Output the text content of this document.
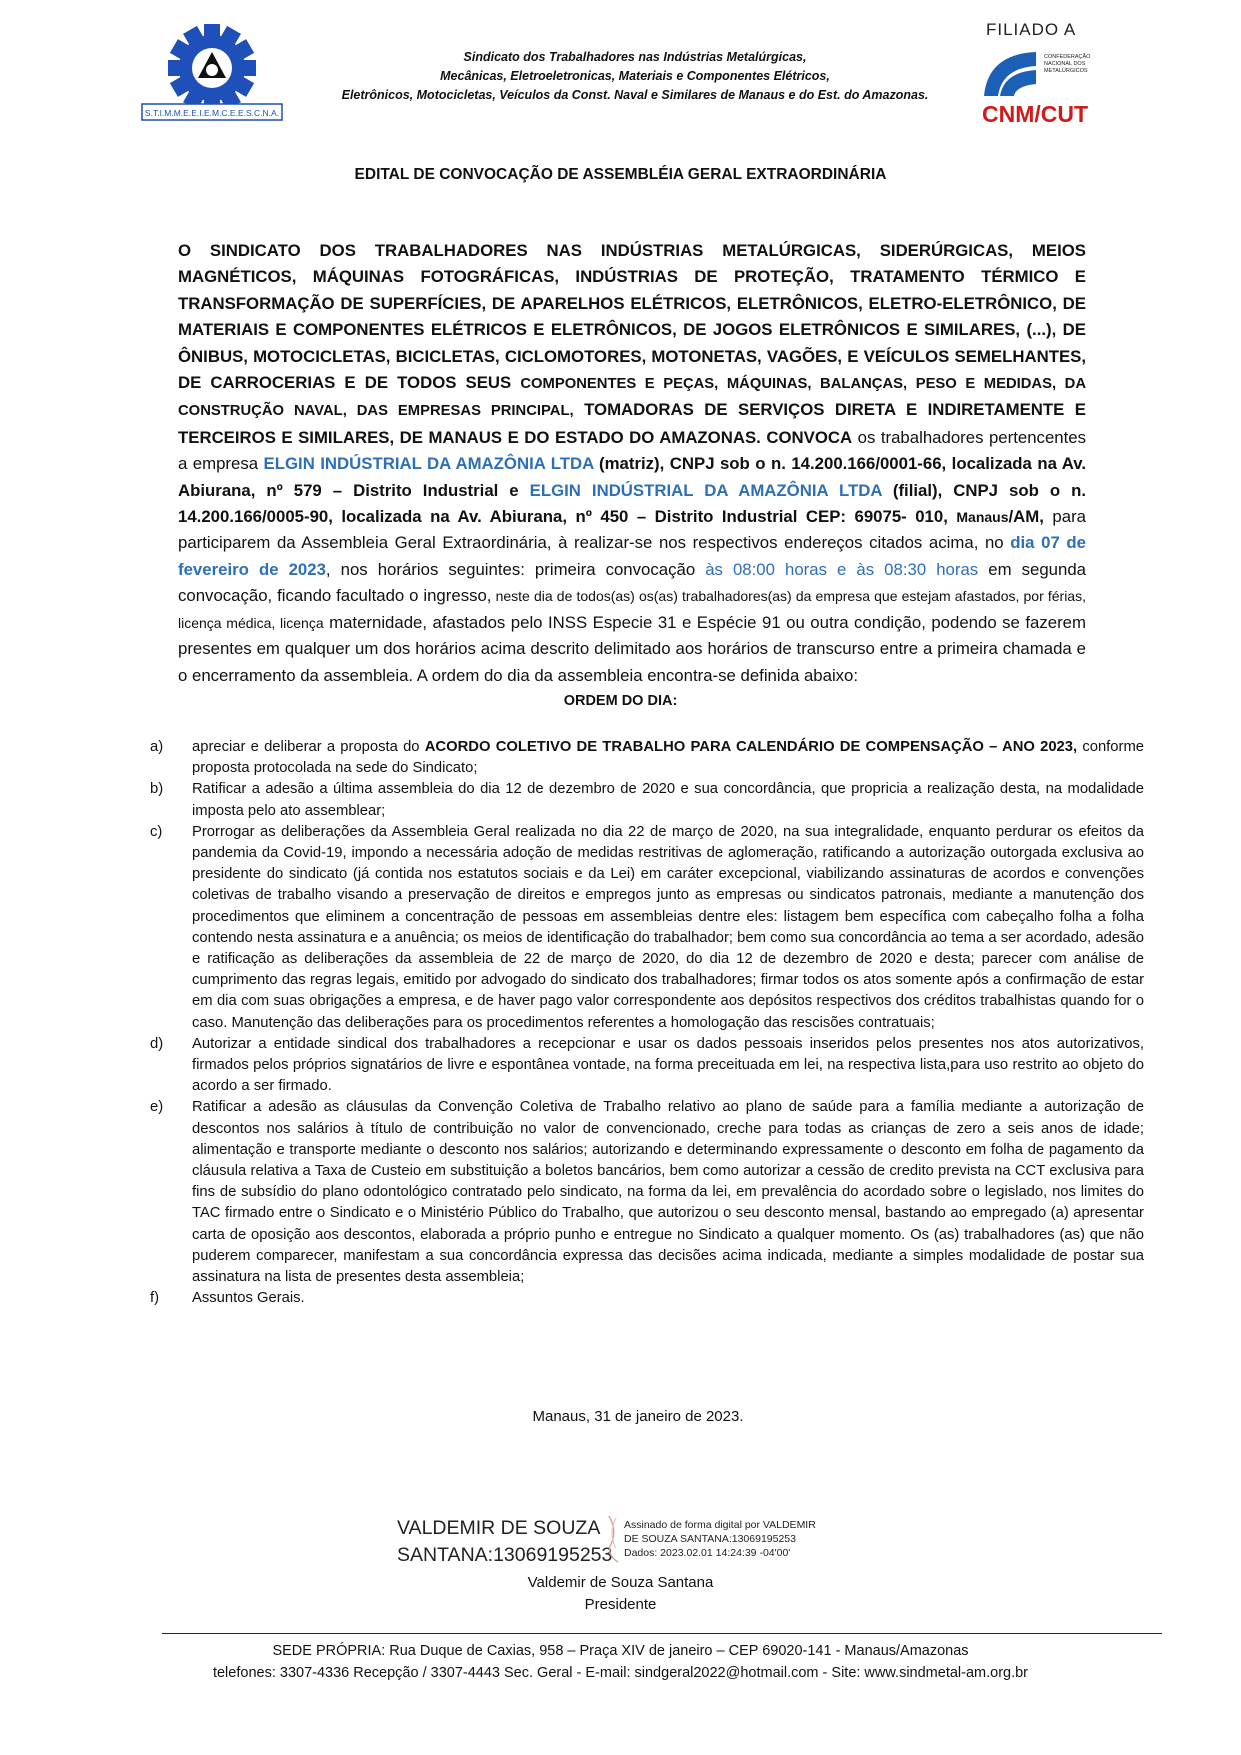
S.T.I.M.M.E.E.I.E.M.C.E.E.S.C.N.A.
Sindicato dos Trabalhadores nas Indústrias Metalúrgicas,
Mecânicas, Eletroeletronicas, Materiais e Componentes Elétricos,
Eletrônicos, Motocicletas, Veículos da Const. Naval e Similares de Manaus e do Est. do Amazonas.
FILIADO A
CONFEDERAÇÃO
NACIONAL DOS
METALÚRGICOS
CNM/CUT
EDITAL DE CONVOCAÇÃO DE ASSEMBLÉIA GERAL EXTRAORDINÁRIA
O SINDICATO DOS TRABALHADORES NAS INDÚSTRIAS METALÚRGICAS, SIDERÚRGICAS, MEIOS MAGNÉTICOS, MÁQUINAS FOTOGRÁFICAS, INDÚSTRIAS DE PROTEÇÃO, TRATAMENTO TÉRMICO E TRANSFORMAÇÃO DE SUPERFÍCIES, DE APARELHOS ELÉTRICOS, ELETRÔNICOS, ELETRO-ELETRÔNICO, DE MATERIAIS E COMPONENTES ELÉTRICOS E ELETRÔNICOS, DE JOGOS ELETRÔNICOS E SIMILARES, (...), DE ÔNIBUS, MOTOCICLETAS, BICICLETAS, CICLOMOTORES, MOTONETAS, VAGÕES, E VEÍCULOS SEMELHANTES, DE CARROCERIAS E DE TODOS SEUS COMPONENTES E PEÇAS, MÁQUINAS, BALANÇAS, PESO E MEDIDAS, DA CONSTRUÇÃO NAVAL, DAS EMPRESAS PRINCIPAL, TOMADORAS DE SERVIÇOS DIRETA E INDIRETAMENTE E TERCEIROS E SIMILARES, DE MANAUS E DO ESTADO DO AMAZONAS. CONVOCA os trabalhadores pertencentes a empresa ELGIN INDÚSTRIAL DA AMAZÔNIA LTDA (matriz), CNPJ sob o n. 14.200.166/0001-66, localizada na Av. Abiurana, nº 579 – Distrito Industrial e ELGIN INDÚSTRIAL DA AMAZÔNIA LTDA (filial), CNPJ sob o n. 14.200.166/0005-90, localizada na Av. Abiurana, nº 450 – Distrito Industrial CEP: 69075- 010, Manaus/AM, para participarem da Assembleia Geral Extraordinária, à realizar-se nos respectivos endereços citados acima, no dia 07 de fevereiro de 2023, nos horários seguintes: primeira convocação às 08:00 horas e às 08:30 horas em segunda convocação, ficando facultado o ingresso, neste dia de todos(as) os(as) trabalhadores(as) da empresa que estejam afastados, por férias, licença médica, licença maternidade, afastados pelo INSS Especie 31 e Espécie 91 ou outra condição, podendo se fazerem presentes em qualquer um dos horários acima descrito delimitado aos horários de transcurso entre a primeira chamada e o encerramento da assembleia. A ordem do dia da assembleia encontra-se definida abaixo:
ORDEM DO DIA:
a)	apreciar e deliberar a proposta do ACORDO COLETIVO DE TRABALHO PARA CALENDÁRIO DE COMPENSAÇÃO – ANO 2023, conforme proposta protocolada na sede do Sindicato;
b)	Ratificar a adesão a última assembleia do dia 12 de dezembro de 2020 e sua concordância, que propricia a realização desta, na modalidade imposta pelo ato assemblear;
c)	Prorrogar as deliberações da Assembleia Geral realizada no dia 22 de março de 2020, na sua integralidade, enquanto perdurar os efeitos da pandemia da Covid-19, impondo a necessária adoção de medidas restritivas de aglomeração, ratificando a autorização outorgada exclusiva ao presidente do sindicato (já contida nos estatutos sociais e da Lei) em caráter excepcional, viabilizando assinaturas de acordos e convenções coletivas de trabalho visando a preservação de direitos e empregos junto as empresas ou sindicatos patronais, mediante a manutenção dos procedimentos que eliminem a concentração de pessoas em assembleias dentre eles: listagem bem específica com cabeçalho folha a folha contendo nesta assinatura e a anuência; os meios de identificação do trabalhador; bem como sua concordância ao tema a ser acordado, adesão e ratificação as deliberações da assembleia de 22 de março de 2020, do dia 12 de dezembro de 2020 e desta; parecer com análise de cumprimento das regras legais, emitido por advogado do sindicato dos trabalhadores; firmar todos os atos somente após a confirmação de estar em dia com suas obrigações a empresa, e de haver pago valor correspondente aos depósitos respectivos dos créditos trabalhistas quando for o caso. Manutenção das deliberações para os procedimentos referentes a homologação das rescisões contratuais;
d)	Autorizar a entidade sindical dos trabalhadores a recepcionar e usar os dados pessoais inseridos pelos presentes nos atos autorizativos, firmados pelos próprios signatários de livre e espontânea vontade, na forma preceituada em lei, na respectiva lista,para uso restrito ao objeto do acordo a ser firmado.
e)	Ratificar a adesão as cláusulas da Convenção Coletiva de Trabalho relativo ao plano de saúde para a família mediante a autorização de descontos nos salários à título de contribuição no valor de convencionado, creche para todas as crianças de zero a seis anos de idade; alimentação e transporte mediante o desconto nos salários; autorizando e determinando expressamente o desconto em folha de pagamento da cláusula relativa a Taxa de Custeio em substituição a boletos bancários, bem como autorizar a cessão de credito prevista na CCT exclusiva para fins de subsídio do plano odontológico contratado pelo sindicato, na forma da lei, em prevalência do acordado sobre o legislado, nos limites do TAC firmado entre o Sindicato e o Ministério Público do Trabalho, que autorizou o seu desconto mensal, bastando ao empregado (a) apresentar carta de oposição aos descontos, elaborada a próprio punho e entregue no Sindicato a qualquer momento. Os (as) trabalhadores (as) que não puderem comparecer, manifestam a sua concordância expressa das decisões acima indicada, mediante a simples modalidade de postar sua assinatura na lista de presentes desta assembleia;
f)	Assuntos Gerais.
Manaus, 31 de janeiro de 2023.
VALDEMIR DE SOUZA
SANTANA:13069195253
Assinado de forma digital por VALDEMIR
DE SOUZA SANTANA:13069195253
Dados: 2023.02.01 14:24:39 -04'00'
Valdemir de Souza Santana
Presidente
SEDE PRÓPRIA: Rua Duque de Caxias, 958 – Praça XIV de janeiro – CEP 69020-141 - Manaus/Amazonas
telefones: 3307-4336 Recepção / 3307-4443 Sec. Geral - E-mail: sindgeral2022@hotmail.com - Site: www.sindmetal-am.org.br
